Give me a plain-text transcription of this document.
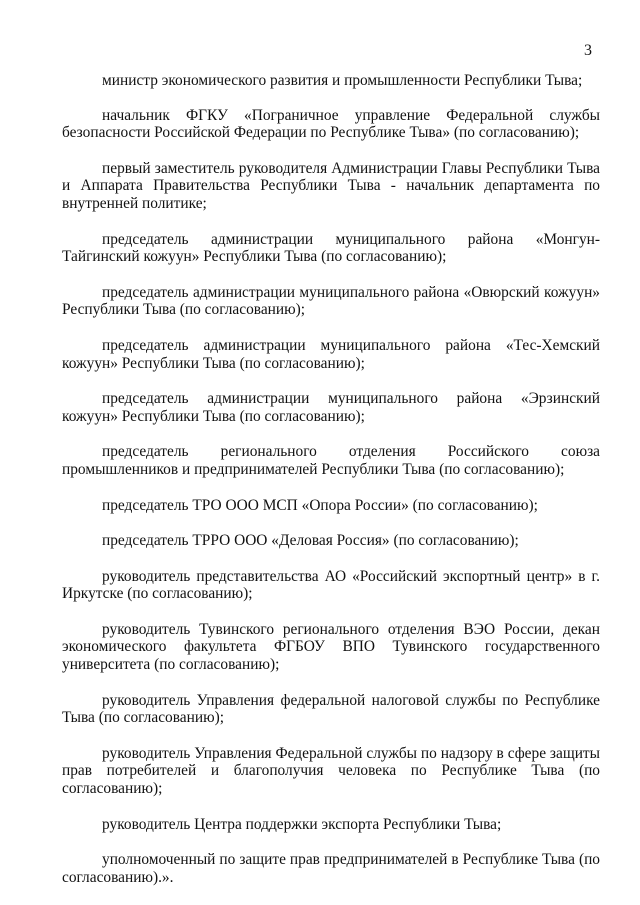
3

министр экономического развития и промышленности Республики Тыва;

начальник ФГКУ «Пограничное управление Федеральной службы безопасности Российской Федерации по Республике Тыва» (по согласованию);

первый заместитель руководителя Администрации Главы Республики Тыва и Аппарата Правительства Республики Тыва - начальник департамента по внутренней политике;

председатель администрации муниципального района «Монгун-Тайгинский кожуун» Республики Тыва (по согласованию);

председатель администрации муниципального района «Овюрский кожуун» Республики Тыва (по согласованию);

председатель администрации муниципального района «Тес-Хемский кожуун» Республики Тыва (по согласованию);

председатель администрации муниципального района «Эрзинский кожуун» Республики Тыва (по согласованию);

председатель регионального отделения Российского союза промышленников и предпринимателей Республики Тыва (по согласованию);

председатель ТРО ООО МСП «Опора России» (по согласованию);

председатель ТРРО ООО «Деловая Россия» (по согласованию);

руководитель представительства АО «Российский экспортный центр» в г. Иркутске (по согласованию);

руководитель Тувинского регионального отделения ВЭО России, декан экономического факультета ФГБОУ ВПО Тувинского государственного университета (по согласованию);

руководитель Управления федеральной налоговой службы по Республике Тыва (по согласованию);

руководитель Управления Федеральной службы по надзору в сфере защиты прав потребителей и благополучия человека по Республике Тыва (по согласованию);

руководитель Центра поддержки экспорта Республики Тыва;

уполномоченный по защите прав предпринимателей в Республике Тыва (по согласованию).».
